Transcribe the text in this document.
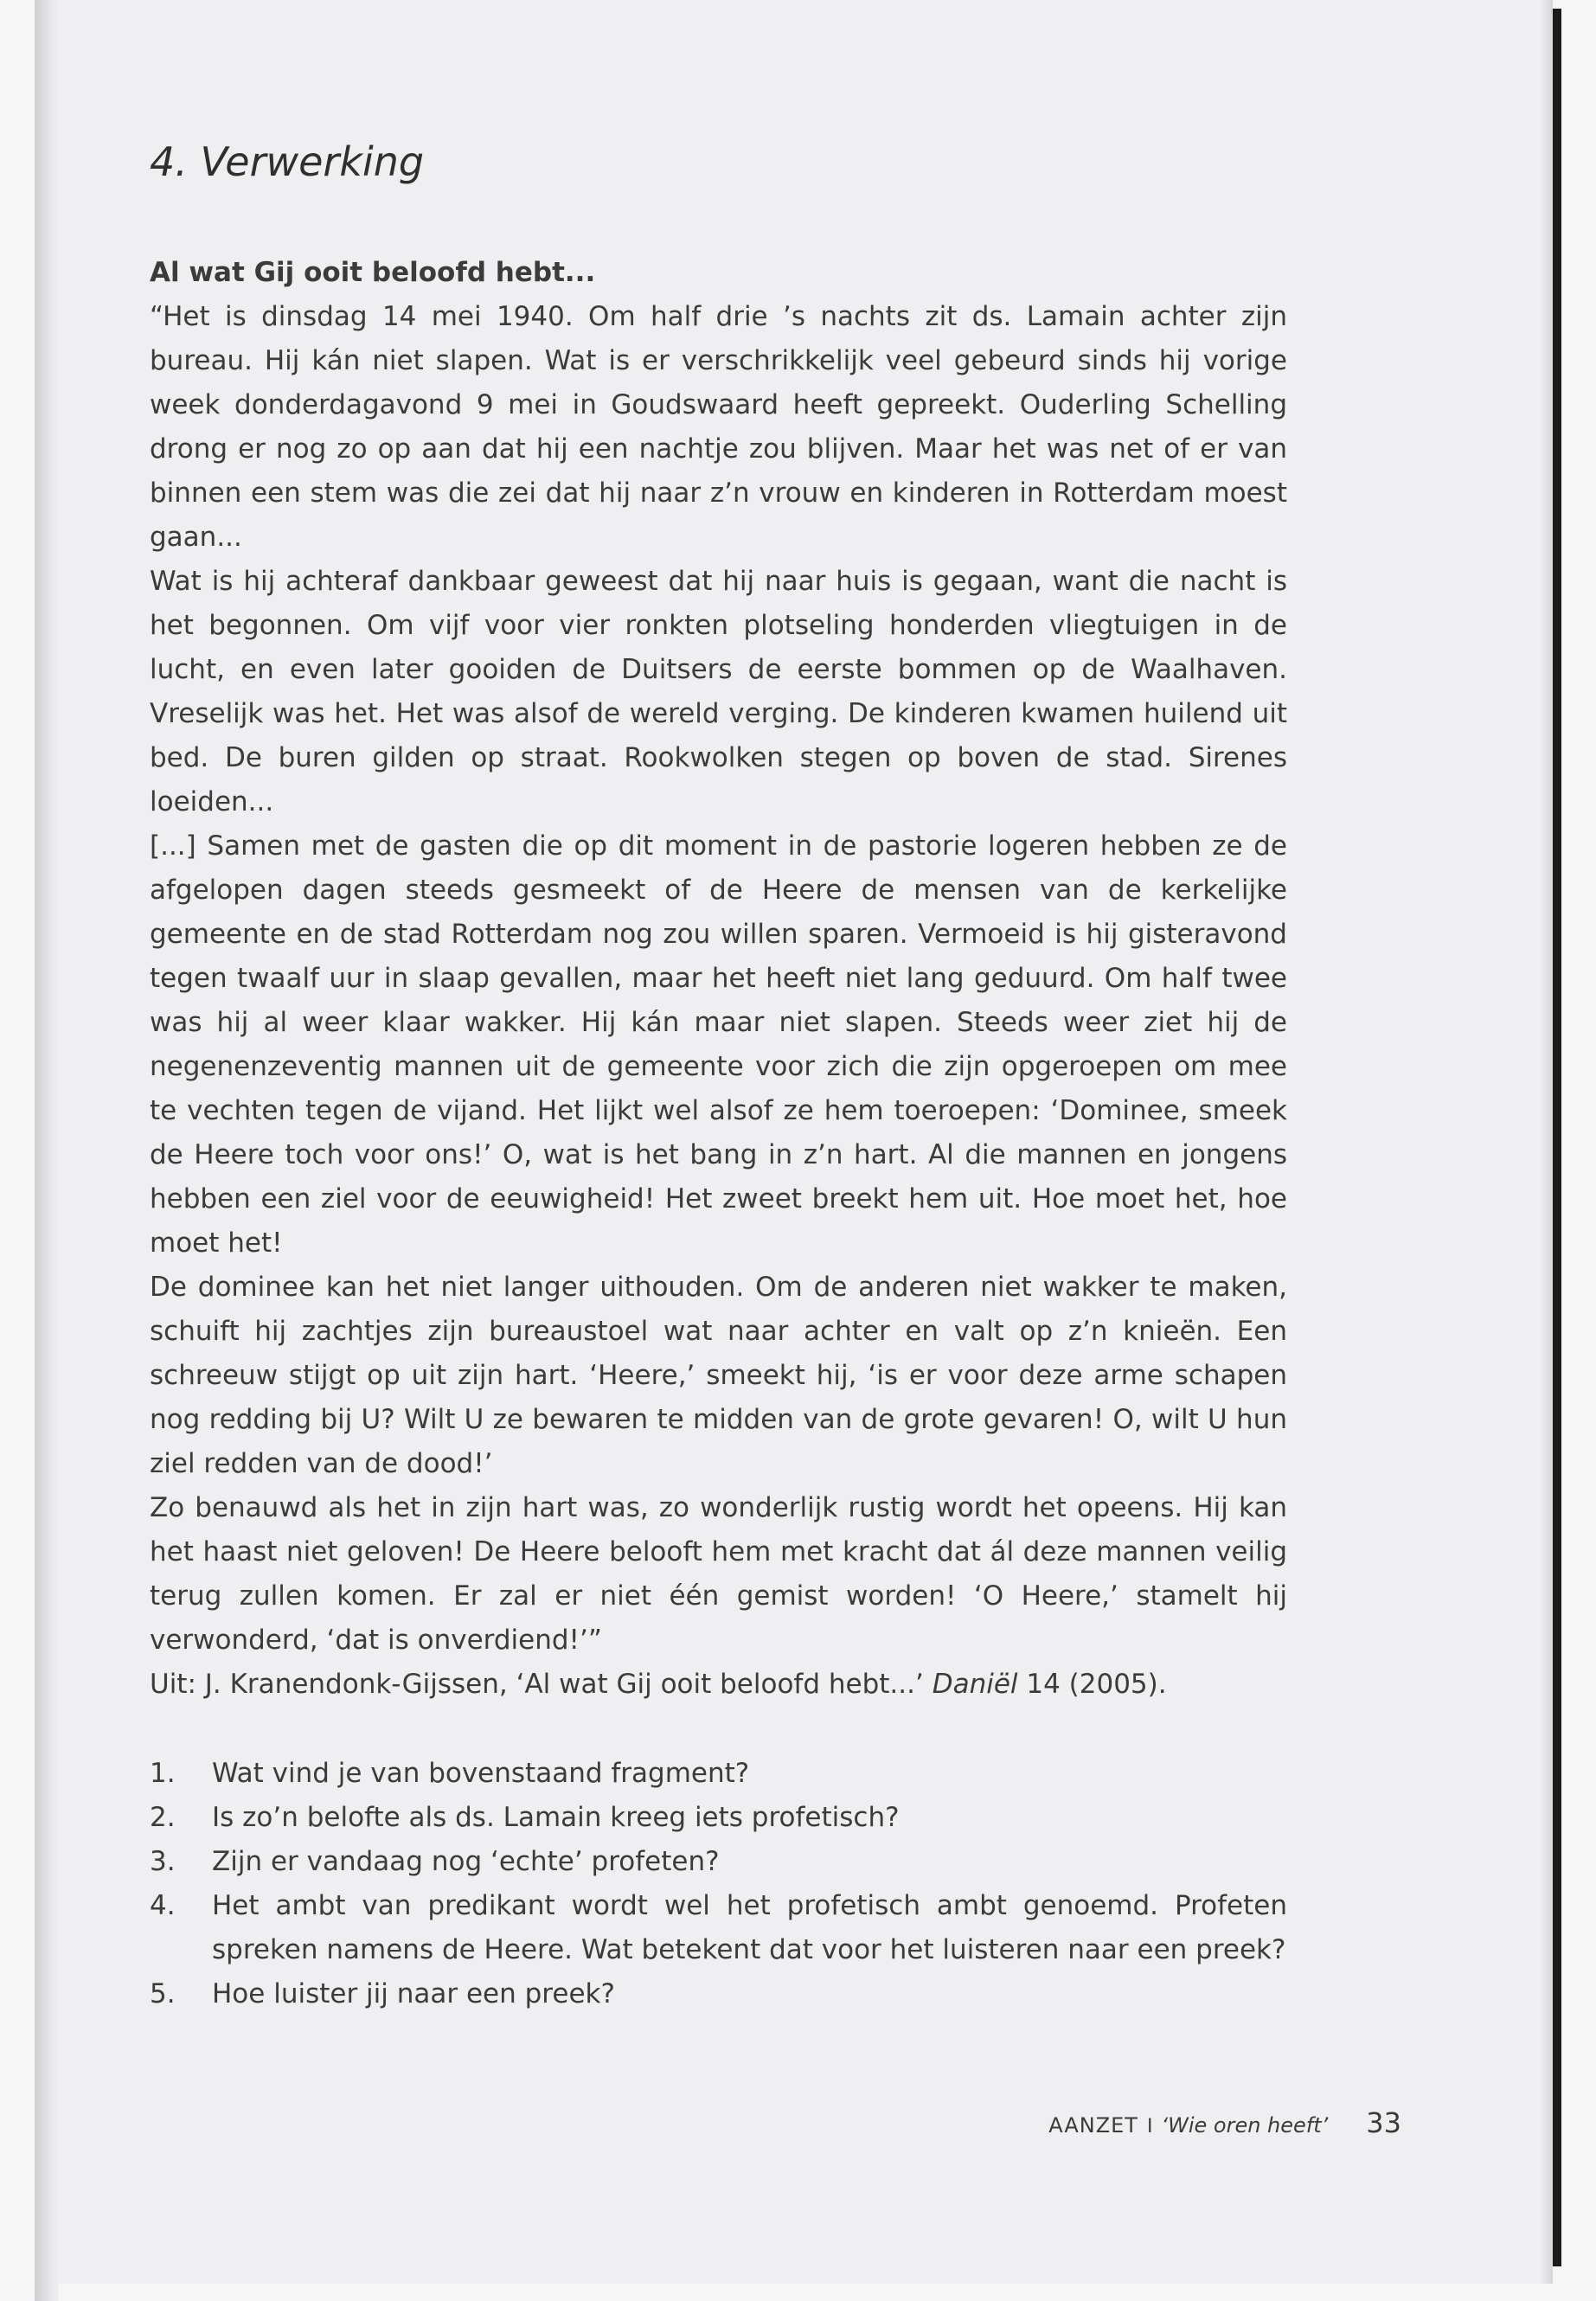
4. Verwerking

Al wat Gij ooit beloofd hebt...

“Het is dinsdag 14 mei 1940. Om half drie ’s nachts zit ds. Lamain achter zijn bureau. Hij kán niet slapen. Wat is er verschrikkelijk veel gebeurd sinds hij vorige week donderdagavond 9 mei in Goudswaard heeft gepreekt. Ouderling Schelling drong er nog zo op aan dat hij een nachtje zou blijven. Maar het was net of er van binnen een stem was die zei dat hij naar z’n vrouw en kinderen in Rotterdam moest gaan...

Wat is hij achteraf dankbaar geweest dat hij naar huis is gegaan, want die nacht is het begonnen. Om vijf voor vier ronkten plotseling honderden vliegtuigen in de lucht, en even later gooiden de Duitsers de eerste bommen op de Waalhaven. Vreselijk was het. Het was alsof de wereld verging. De kinderen kwamen huilend uit bed. De buren gilden op straat. Rookwolken stegen op boven de stad. Sirenes loeiden...

[...] Samen met de gasten die op dit moment in de pastorie logeren hebben ze de afgelopen dagen steeds gesmeekt of de Heere de mensen van de kerkelijke gemeente en de stad Rotterdam nog zou willen sparen. Vermoeid is hij gisteravond tegen twaalf uur in slaap gevallen, maar het heeft niet lang geduurd. Om half twee was hij al weer klaar wakker. Hij kán maar niet slapen. Steeds weer ziet hij de negenenzeventig mannen uit de gemeente voor zich die zijn opgeroepen om mee te vechten tegen de vijand. Het lijkt wel alsof ze hem toeroepen: ‘Dominee, smeek de Heere toch voor ons!’ O, wat is het bang in z’n hart. Al die mannen en jongens hebben een ziel voor de eeuwigheid! Het zweet breekt hem uit. Hoe moet het, hoe moet het!

De dominee kan het niet langer uithouden. Om de anderen niet wakker te maken, schuift hij zachtjes zijn bureaustoel wat naar achter en valt op z’n knieën. Een schreeuw stijgt op uit zijn hart. ‘Heere,’ smeekt hij, ‘is er voor deze arme schapen nog redding bij U? Wilt U ze bewaren te midden van de grote gevaren! O, wilt U hun ziel redden van de dood!’

Zo benauwd als het in zijn hart was, zo wonderlijk rustig wordt het opeens. Hij kan het haast niet geloven! De Heere belooft hem met kracht dat ál deze mannen veilig terug zullen komen. Er zal er niet één gemist worden! ‘O Heere,’ stamelt hij verwonderd, ‘dat is onverdiend!’”

Uit: J. Kranendonk-Gijssen, ‘Al wat Gij ooit beloofd hebt...’ Daniël 14 (2005).

1.	Wat vind je van bovenstaand fragment?
2.	Is zo’n belofte als ds. Lamain kreeg iets profetisch?
3.	Zijn er vandaag nog ‘echte’ profeten?
4.	Het ambt van predikant wordt wel het profetisch ambt genoemd. Profeten spreken namens de Heere. Wat betekent dat voor het luisteren naar een preek?
5.	Hoe luister jij naar een preek?
AANZET I ‘Wie oren heeft’ 33
